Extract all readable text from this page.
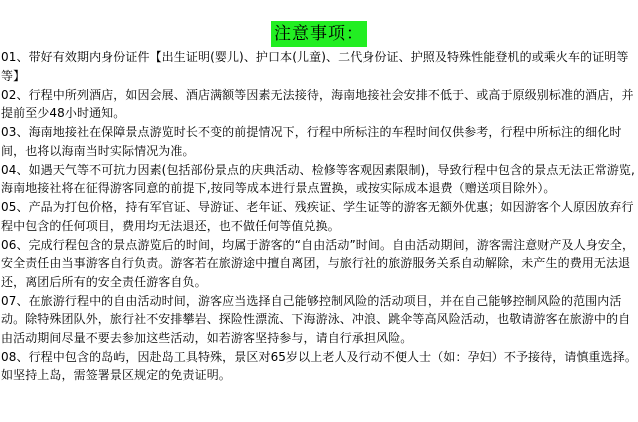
注意事项：

01、带好有效期内身份证件【出生证明(婴儿)、护口本(儿童)、二代身份证、护照及特殊性能登机的或乘火车的证明等等】

02、行程中所列酒店，如因会展、酒店满额等因素无法接待，海南地接社会安排不低于、或高于原级别标准的酒店，并提前至少48小时通知。

03、海南地接社在保障景点游览时长不变的前提情况下，行程中所标注的车程时间仅供参考，行程中所标注的细化时间，也将以海南当时实际情况为准。

04、如遇天气等不可抗力因素(包括部份景点的庆典活动、检修等客观因素限制)，导致行程中包含的景点无法正常游览,海南地接社将在征得游客同意的前提下,按同等成本进行景点置换，或按实际成本退费（赠送项目除外）。

05、产品为打包价格，持有军官证、导游证、老年证、残疾证、学生证等的游客无额外优惠；如因游客个人原因放弃行程中包含的任何项目，费用均无法退还，也不做任何等值兑换。

06、完成行程包含的景点游览后的时间，均属于游客的“自由活动”时间。自由活动期间，游客需注意财产及人身安全，安全责任由当事游客自行负责。游客若在旅游途中擅自离团，与旅行社的旅游服务关系自动解除，未产生的费用无法退还，离团后所有的安全责任游客自负。

07、在旅游行程中的自由活动时间，游客应当选择自己能够控制风险的活动项目，并在自己能够控制风险的范围内活动。除特殊团队外，旅行社不安排攀岩、探险性漂流、下海游泳、冲浪、跳伞等高风险活动，也敬请游客在旅游中的自由活动期间尽量不要去参加这些活动，如若游客坚持参与，请自行承担风险。

08、行程中包含的岛屿，因赴岛工具特殊，景区对65岁以上老人及行动不便人士（如：孕妇）不予接待，请慎重选择。如坚持上岛，需签署景区规定的免责证明。
